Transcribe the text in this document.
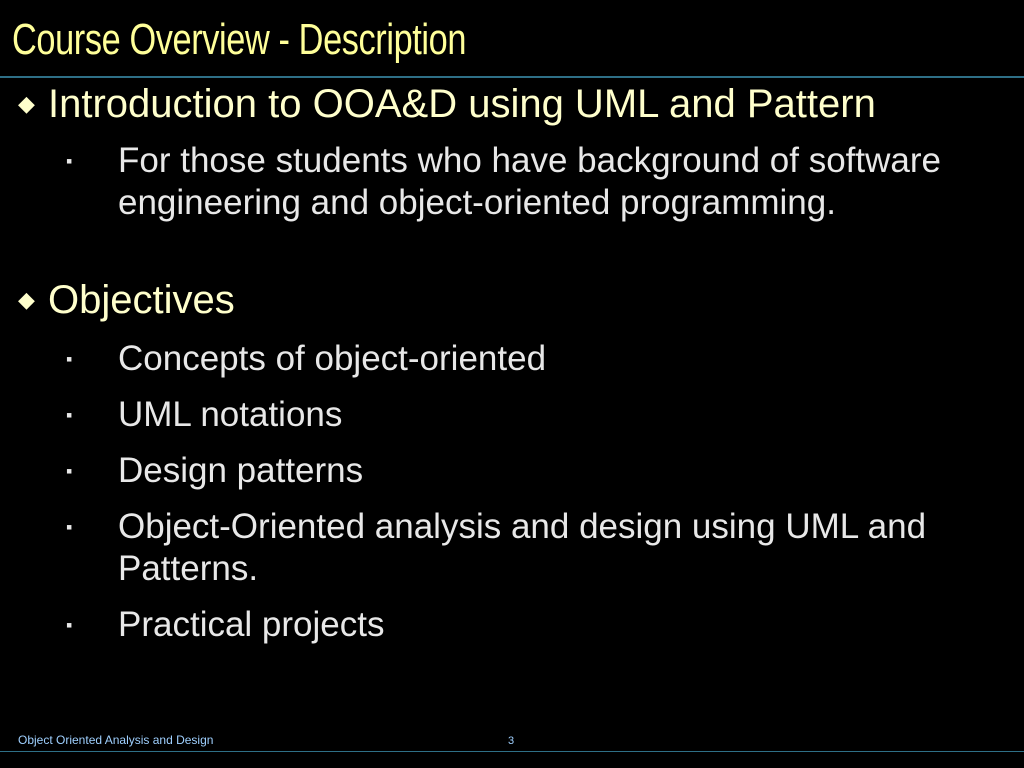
Course Overview - Description
◆ Introduction to OOA&D using UML and Pattern
▪	For those students who have background of software engineering and object-oriented programming.
◆ Objectives
▪	Concepts of object-oriented
▪	UML notations
▪	Design patterns
▪	Object-Oriented analysis and design using UML and Patterns.
▪	Practical projects
Object Oriented Analysis and Design	3
